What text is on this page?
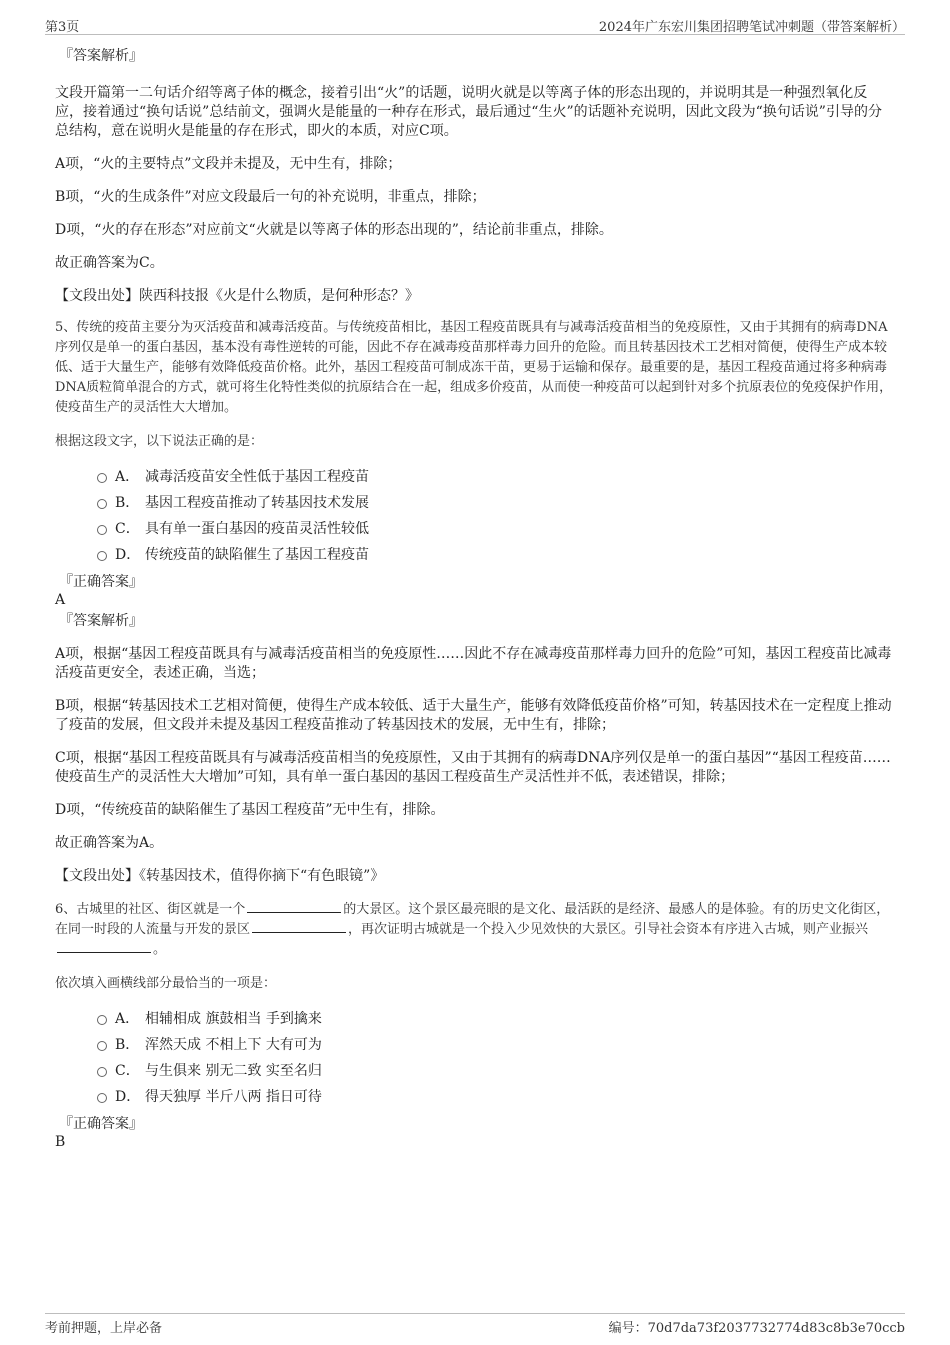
第3页	2024年广东宏川集团招聘笔试冲刺题（带答案解析）

『答案解析』

文段开篇第一二句话介绍等离子体的概念，接着引出“火”的话题，说明火就是以等离子体的形态出现的，并说明其是一种强烈氧化反应，接着通过“换句话说”总结前文，强调火是能量的一种存在形式，最后通过“生火”的话题补充说明，因此文段为“换句话说”引导的分总结构，意在说明火是能量的存在形式，即火的本质，对应C项。

A项，“火的主要特点”文段并未提及，无中生有，排除；

B项，“火的生成条件”对应文段最后一句的补充说明，非重点，排除；

D项，“火的存在形态”对应前文“火就是以等离子体的形态出现的”，结论前非重点，排除。

故正确答案为C。

【文段出处】陕西科技报《火是什么物质，是何种形态？》

5、传统的疫苗主要分为灭活疫苗和减毒活疫苗。与传统疫苗相比，基因工程疫苗既具有与减毒活疫苗相当的免疫原性，又由于其拥有的病毒DNA序列仅是单一的蛋白基因，基本没有毒性逆转的可能，因此不存在减毒疫苗那样毒力回升的危险。而且转基因技术工艺相对简便，使得生产成本较低、适于大量生产，能够有效降低疫苗价格。此外，基因工程疫苗可制成冻干苗，更易于运输和保存。最重要的是，基因工程疫苗通过将多种病毒DNA质粒简单混合的方式，就可将生化特性类似的抗原结合在一起，组成多价疫苗，从而使一种疫苗可以起到针对多个抗原表位的免疫保护作用，使疫苗生产的灵活性大大增加。

根据这段文字，以下说法正确的是：

A． 减毒活疫苗安全性低于基因工程疫苗
B． 基因工程疫苗推动了转基因技术发展
C． 具有单一蛋白基因的疫苗灵活性较低
D． 传统疫苗的缺陷催生了基因工程疫苗

『正确答案』

A

『答案解析』

A项，根据“基因工程疫苗既具有与减毒活疫苗相当的免疫原性……因此不存在减毒疫苗那样毒力回升的危险”可知，基因工程疫苗比减毒活疫苗更安全，表述正确，当选；

B项，根据“转基因技术工艺相对简便，使得生产成本较低、适于大量生产，能够有效降低疫苗价格”可知，转基因技术在一定程度上推动了疫苗的发展，但文段并未提及基因工程疫苗推动了转基因技术的发展，无中生有，排除；

C项，根据“基因工程疫苗既具有与减毒活疫苗相当的免疫原性，又由于其拥有的病毒DNA序列仅是单一的蛋白基因”“基因工程疫苗……使疫苗生产的灵活性大大增加”可知，具有单一蛋白基因的基因工程疫苗生产灵活性并不低，表述错误，排除；

D项，“传统疫苗的缺陷催生了基因工程疫苗”无中生有，排除。

故正确答案为A。

【文段出处】《转基因技术，值得你摘下“有色眼镜”》

6、古城里的社区、街区就是一个	的大景区。这个景区最亮眼的是文化、最活跃的是经济、最感人的是体验。有的历史文化街区，在同一时段的人流量与开发的景区	，再次证明古城就是一个投入少见效快的大景区。引导社会资本有序进入古城，则产业振兴。

依次填入画横线部分最恰当的一项是：

A． 相辅相成 旗鼓相当 手到擒来
B． 浑然天成 不相上下 大有可为
C． 与生俱来 别无二致 实至名归
D． 得天独厚 半斤八两 指日可待

『正确答案』

B

考前押题，上岸必备	编号：70d7da73f2037732774d83c8b3e70ccb
